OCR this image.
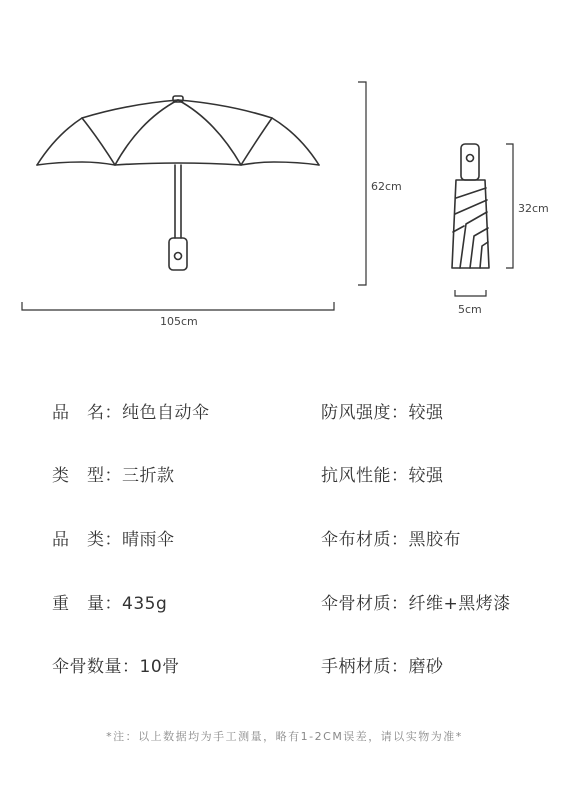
105cm
62cm
32cm
5cm
品　名：纯色自动伞
类　型：三折款
品　类：晴雨伞
重　量：435g
伞骨数量：10骨
防风强度：较强
抗风性能：较强
伞布材质：黑胶布
伞骨材质：纤维+黑烤漆
手柄材质：磨砂
*注：以上数据均为手工测量，略有1-2CM误差，请以实物为准*
